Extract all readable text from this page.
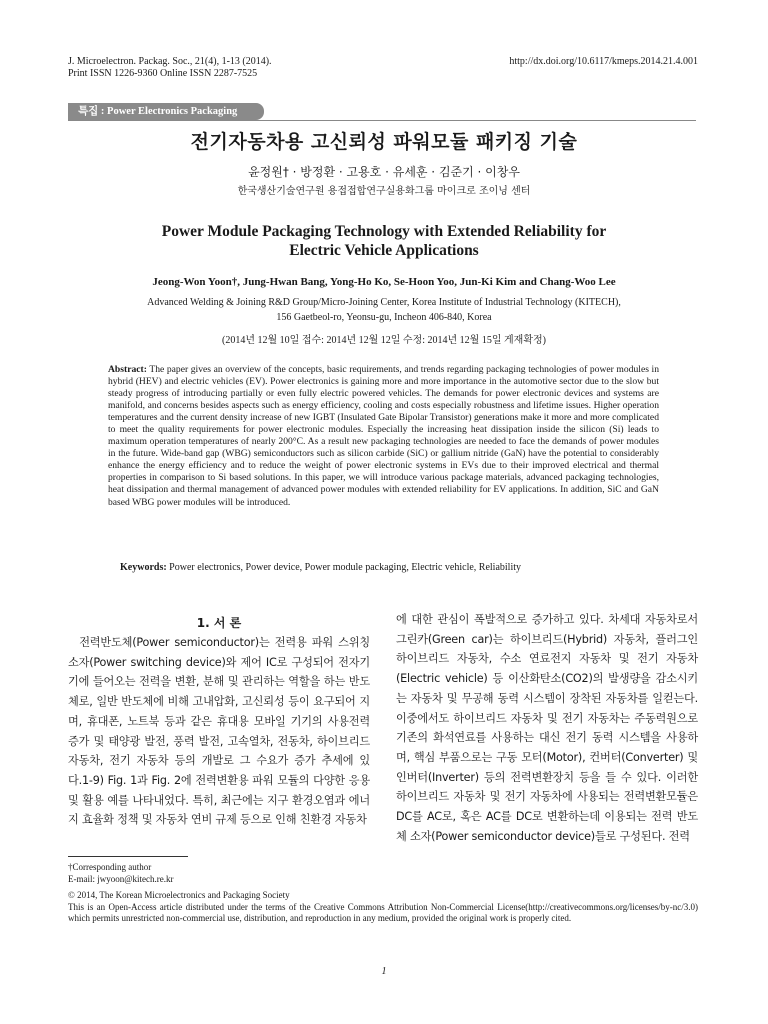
J. Microelectron. Packag. Soc., 21(4), 1-13 (2014).
Print ISSN 1226-9360 Online ISSN 2287-7525
http://dx.doi.org/10.6117/kmeps.2014.21.4.001
특집 : Power Electronics Packaging
전기자동차용 고신뢰성 파워모듈 패키징 기술
윤정원† · 방정환 · 고용호 · 유세훈 · 김준기 · 이창우
한국생산기술연구원 용접접합연구실용화그룹 마이크로 조이닝 센터
Power Module Packaging Technology with Extended Reliability for
Electric Vehicle Applications
Jeong-Won Yoon†, Jung-Hwan Bang, Yong-Ho Ko, Se-Hoon Yoo, Jun-Ki Kim and Chang-Woo Lee
Advanced Welding & Joining R&D Group/Micro-Joining Center, Korea Institute of Industrial Technology (KITECH),
156 Gaetbeol-ro, Yeonsu-gu, Incheon 406-840, Korea
(2014년 12월 10일 접수: 2014년 12월 12일 수정: 2014년 12월 15일 게재확정)
Abstract: The paper gives an overview of the concepts, basic requirements, and trends regarding packaging technologies of power modules in hybrid (HEV) and electric vehicles (EV). Power electronics is gaining more and more importance in the automotive sector due to the slow but steady progress of introducing partially or even fully electric powered vehicles. The demands for power electronic devices and systems are manifold, and concerns besides aspects such as energy efficiency, cooling and costs especially robustness and lifetime issues. Higher operation temperatures and the current density increase of new IGBT (Insulated Gate Bipolar Transistor) generations make it more and more complicated to meet the quality requirements for power electronic modules. Especially the increasing heat dissipation inside the silicon (Si) leads to maximum operation temperatures of nearly 200°C. As a result new packaging technologies are needed to face the demands of power modules in the future. Wide-band gap (WBG) semiconductors such as silicon carbide (SiC) or gallium nitride (GaN) have the potential to considerably enhance the energy efficiency and to reduce the weight of power electronic systems in EVs due to their improved electrical and thermal properties in comparison to Si based solutions. In this paper, we will introduce various package materials, advanced packaging technologies, heat dissipation and thermal management of advanced power modules with extended reliability for EV applications. In addition, SiC and GaN based WBG power modules will be introduced.
Keywords: Power electronics, Power device, Power module packaging, Electric vehicle, Reliability
1. 서 론
전력반도체(Power semiconductor)는 전력용 파워 스위칭 소자(Power switching device)와 제어 IC로 구성되어 전자기기에 들어오는 전력을 변환, 분해 및 관리하는 역할을 하는 반도체로, 일반 반도체에 비해 고내압화, 고신뢰성 등이 요구되어 지며, 휴대폰, 노트북 등과 같은 휴대용 모바일 기기의 사용전력 증가 및 태양광 발전, 풍력 발전, 고속열차, 전동차, 하이브리드 자동차, 전기 자동차 등의 개발로 그 수요가 증가 추세에 있다.1-9) Fig. 1과 Fig. 2에 전력변환용 파워 모듈의 다양한 응용 및 활용 예를 나타내었다. 특히, 최근에는 지구 환경오염과 에너지 효율화 정책 및 자동차 연비 규제 등으로 인해 친환경 자동차
에 대한 관심이 폭발적으로 증가하고 있다. 차세대 자동차로서 그린카(Green car)는 하이브리드(Hybrid) 자동차, 플러그인 하이브리드 자동차, 수소 연료전지 자동차 및 전기 자동차(Electric vehicle) 등 이산화탄소(CO2)의 발생량을 감소시키는 자동차 및 무공해 동력 시스템이 장착된 자동차를 일컫는다. 이중에서도 하이브리드 자동차 및 전기 자동차는 주동력원으로 기존의 화석연료를 사용하는 대신 전기 동력 시스템을 사용하며, 핵심 부품으로는 구동 모터(Motor), 컨버터(Converter) 및 인버터(Inverter) 등의 전력변환장치 등을 들 수 있다. 이러한 하이브리드 자동차 및 전기 자동차에 사용되는 전력변환모듈은 DC를 AC로, 혹은 AC를 DC로 변환하는데 이용되는 전력 반도체 소자(Power semiconductor device)들로 구성된다. 전력
†Corresponding author
E-mail: jwyoon@kitech.re.kr
© 2014, The Korean Microelectronics and Packaging Society
This is an Open-Access article distributed under the terms of the Creative Commons Attribution Non-Commercial License(http://creativecommons.org/licenses/by-nc/3.0) which permits unrestricted non-commercial use, distribution, and reproduction in any medium, provided the original work is properly cited.
1
